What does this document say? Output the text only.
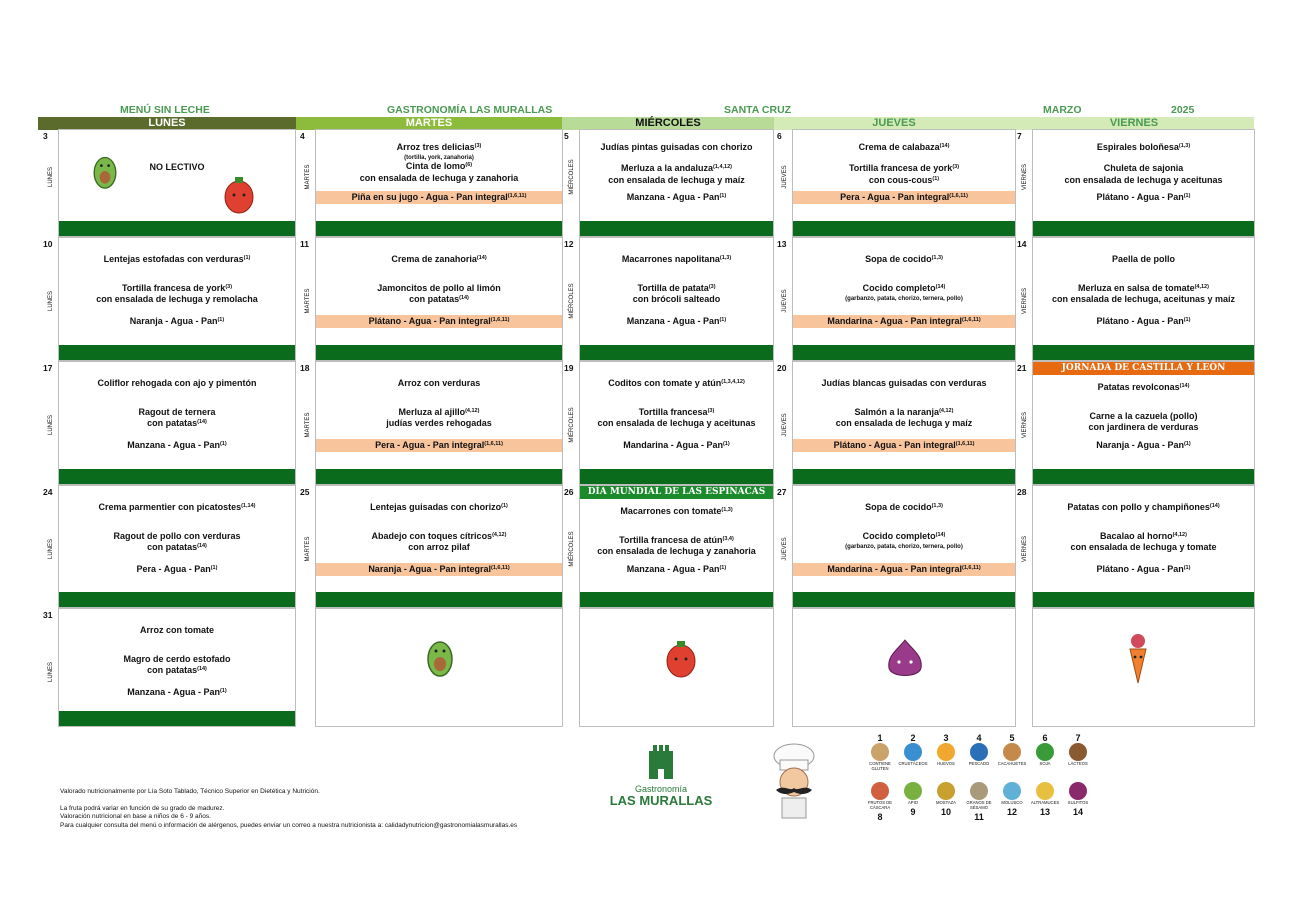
MENÚ SIN LECHE	GASTRONOMÍA LAS MURALLAS	SANTA CRUZ	MARZO	2025
LUNES	MARTES	MIÉRCOLES	JUEVES	VIERNES
3
LUNES	NO LECTIVO
4
MARTES
Arroz tres delicias$^{(3)}$
(tortilla, york, zanahoria)
Cinta de lomo$^{(6)}$
con ensalada de lechuga y zanahoria
Piña en su jugo - Agua - Pan integral$^{(1,6,11)}$
5
MIÉRCOLES
Judías pintas guisadas con chorizo
Merluza a la andaluza$^{(1,4,12)}$
con ensalada de lechuga y maíz
Manzana - Agua - Pan$^{(1)}$
6
JUEVES
Crema de calabaza$^{(14)}$
Tortilla francesa de york$^{(3)}$
con cous-cous$^{(1)}$
Pera - Agua - Pan integral$^{(1,6,11)}$
7
VIERNES
Espirales boloñesa$^{(1,3)}$
Chuleta de sajonia
con ensalada de lechuga y aceitunas
Plátano - Agua - Pan$^{(1)}$
10
LUNES
Lentejas estofadas con verduras$^{(1)}$
Tortilla francesa de york$^{(3)}$
con ensalada de lechuga y remolacha
Naranja - Agua - Pan$^{(1)}$
11
MARTES
Crema de zanahoria$^{(14)}$
Jamoncitos de pollo al limón
con patatas$^{(14)}$
Plátano - Agua - Pan integral$^{(1,6,11)}$
12
MIÉRCOLES
Macarrones napolitana$^{(1,3)}$
Tortilla de patata$^{(3)}$
con brócoli salteado
Manzana - Agua - Pan$^{(1)}$
13
JUEVES
Sopa de cocido$^{(1,3)}$
Cocido completo$^{(14)}$
(garbanzo, patata, chorizo, ternera, pollo)
Mandarina - Agua - Pan integral$^{(1,6,11)}$
14
VIERNES
Paella de pollo
Merluza en salsa de tomate$^{(4,12)}$
con ensalada de lechuga, aceitunas y maíz
Plátano - Agua - Pan$^{(1)}$
17
LUNES
Coliflor rehogada con ajo y pimentón
Ragout de ternera
con patatas$^{(14)}$
Manzana - Agua - Pan$^{(1)}$
18
MARTES
Arroz con verduras
Merluza al ajillo$^{(4,12)}$
judías verdes rehogadas
Pera - Agua - Pan integral$^{(1,6,11)}$
19
MIÉRCOLES
Coditos con tomate y atún$^{(1,3,4,12)}$
Tortilla francesa$^{(3)}$
con ensalada de lechuga y aceitunas
Mandarina - Agua - Pan$^{(1)}$
20
JUEVES
Judías blancas guisadas con verduras
Salmón a la naranja$^{(4,12)}$
con ensalada de lechuga y maíz
Plátano - Agua - Pan integral$^{(1,6,11)}$
21
VIERNES
JORNADA DE CASTILLA Y LEÓN
Patatas revolconas$^{(14)}$
Carne a la cazuela (pollo)
con jardinera de verduras
Naranja - Agua - Pan$^{(1)}$
24
LUNES
Crema parmentier con picatostes$^{(1,14)}$
Ragout de pollo con verduras
con patatas$^{(14)}$
Pera - Agua - Pan$^{(1)}$
25
MARTES
Lentejas guisadas con chorizo$^{(1)}$
Abadejo con toques cítricos$^{(4,12)}$
con arroz pilaf
Naranja - Agua - Pan integral$^{(1,6,11)}$
26
MIÉRCOLES
DÍA MUNDIAL DE LAS ESPINACAS
Macarrones con tomate$^{(1,3)}$
Tortilla francesa de atún$^{(3,4)}$
con ensalada de lechuga y zanahoria
Manzana - Agua - Pan$^{(1)}$
27
JUEVES
Sopa de cocido$^{(1,3)}$
Cocido completo$^{(14)}$
(garbanzo, patata, chorizo, ternera, pollo)
Mandarina - Agua - Pan integral$^{(1,6,11)}$
28
VIERNES
Patatas con pollo y champiñones$^{(14)}$
Bacalao al horno$^{(4,12)}$
con ensalada de lechuga y tomate
Plátano - Agua - Pan$^{(1)}$
31
LUNES
Arroz con tomate
Magro de cerdo estofado
con patatas$^{(14)}$
Manzana - Agua - Pan$^{(1)}$
Valorado nutricionalmente por Lía Soto Tablado, Técnico Superior en Dietética y Nutrición.
La fruta podrá variar en función de su grado de madurez.
Valoración nutricional en base a niños de 6 - 9 años.
Para cualquier consulta del menú o información de alérgenos, puedes enviar un correo a nuestra nutricionista a: calidadynutricion@gastronomialasmurallas.es
Gastronomía
LAS MURALLAS
1
CONTIENE GLUTEN
2
CRUSTÁCEOS
3
HUEVOS
4
PESCADO
5
CACAHUETES
6
SOJA
7
LÁCTEOS
FRUTOS DE CÁSCARA
8
APIO
9
MOSTAZA
10
GRANOS DE SÉSAMO
11
MOLUSCO
12
ALTRAMUCES
13
SULFITOS
14
